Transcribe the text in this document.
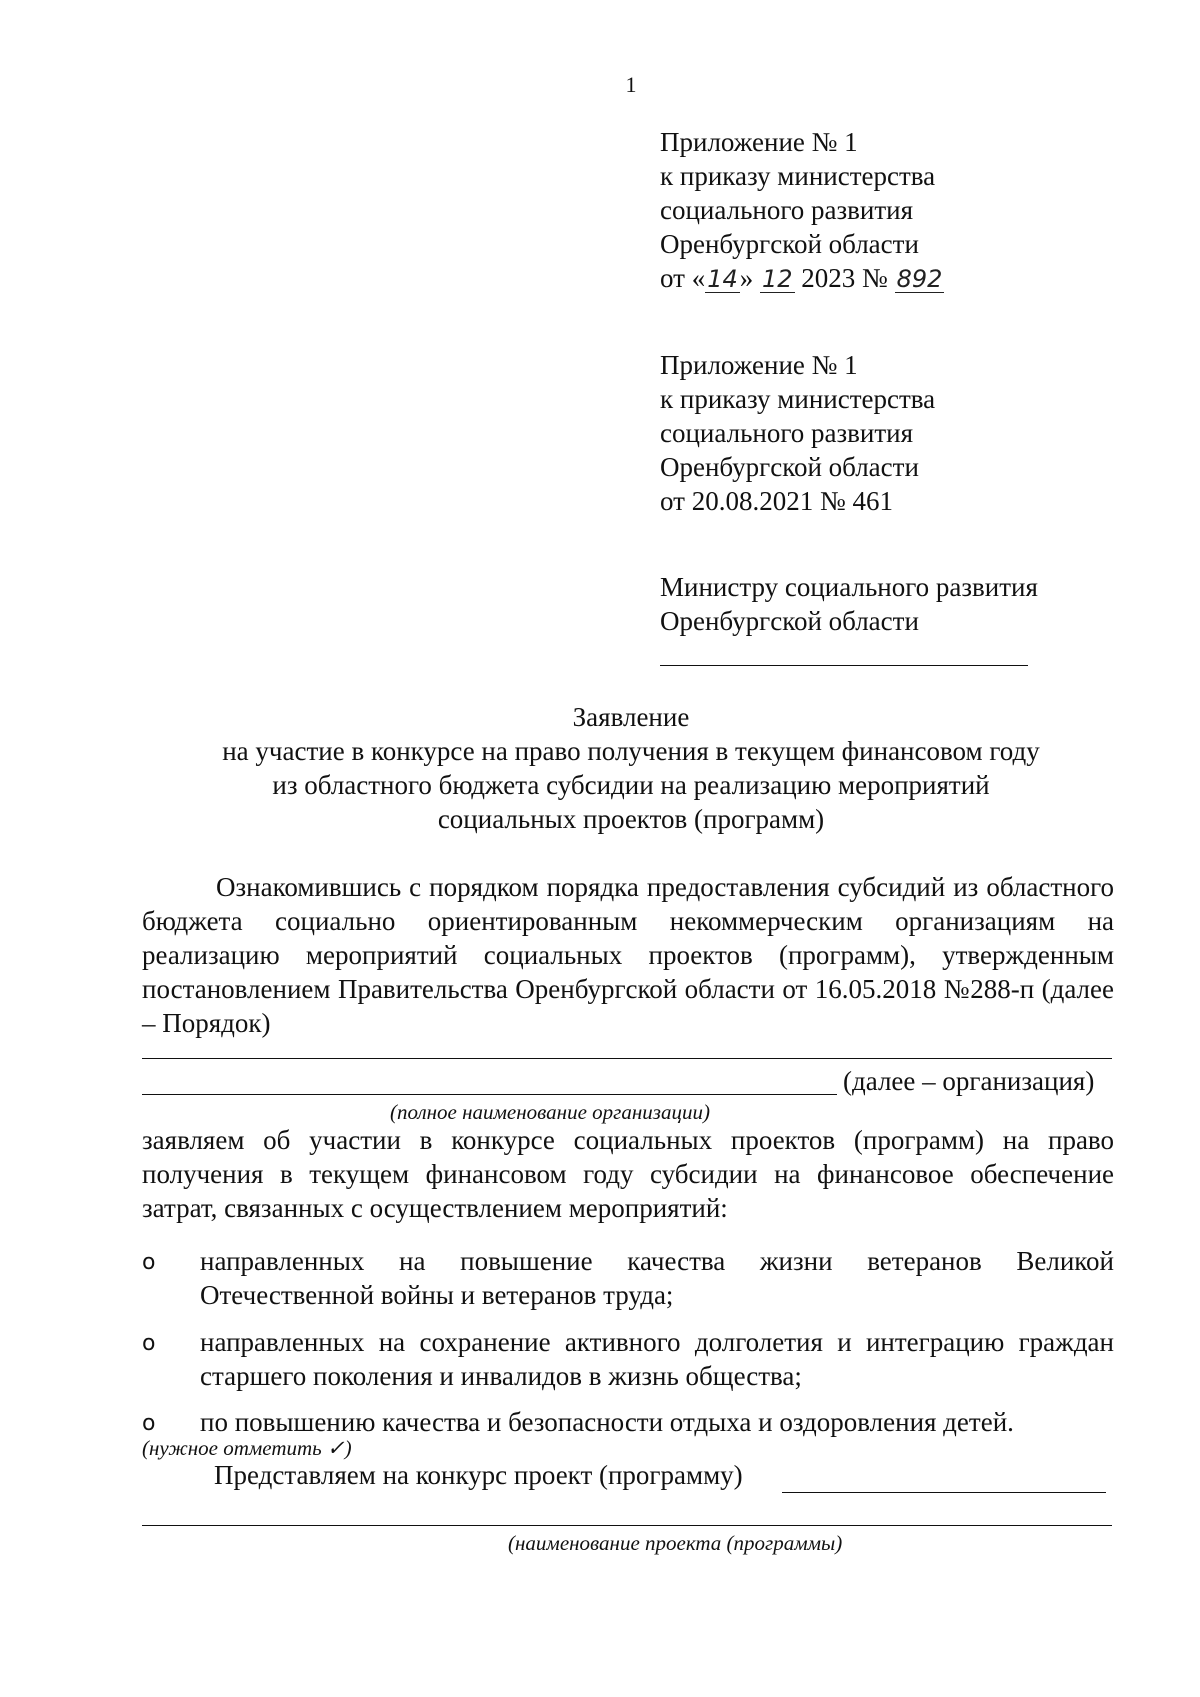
1
Приложение № 1
к приказу министерства
социального развития
Оренбургской области
от «14» 12 2023 № 892
Приложение № 1
к приказу министерства
социального развития
Оренбургской области
от 20.08.2021 № 461
Министру социального развития
Оренбургской области
Заявление
на участие в конкурсе на право получения в текущем финансовом году
из областного бюджета субсидии на реализацию мероприятий
социальных проектов (программ)
Ознакомившись с порядком порядка предоставления субсидий из областного бюджета социально ориентированным некоммерческим организациям на реализацию мероприятий социальных проектов (программ), утвержденным постановлением Правительства Оренбургской области от 16.05.2018 №288-п (далее – Порядок)
(далее – организация)
(полное наименование организации)
заявляем об участии в конкурсе социальных проектов (программ) на право получения в текущем финансовом году субсидии на финансовое обеспечение затрат, связанных с осуществлением мероприятий:
o направленных на повышение качества жизни ветеранов Великой Отечественной войны и ветеранов труда;
o направленных на сохранение активного долголетия и интеграцию граждан старшего поколения и инвалидов в жизнь общества;
o по повышению качества и безопасности отдыха и оздоровления детей.
(нужное отметить ✓)
Представляем на конкурс проект (программу)
(наименование проекта (программы)
